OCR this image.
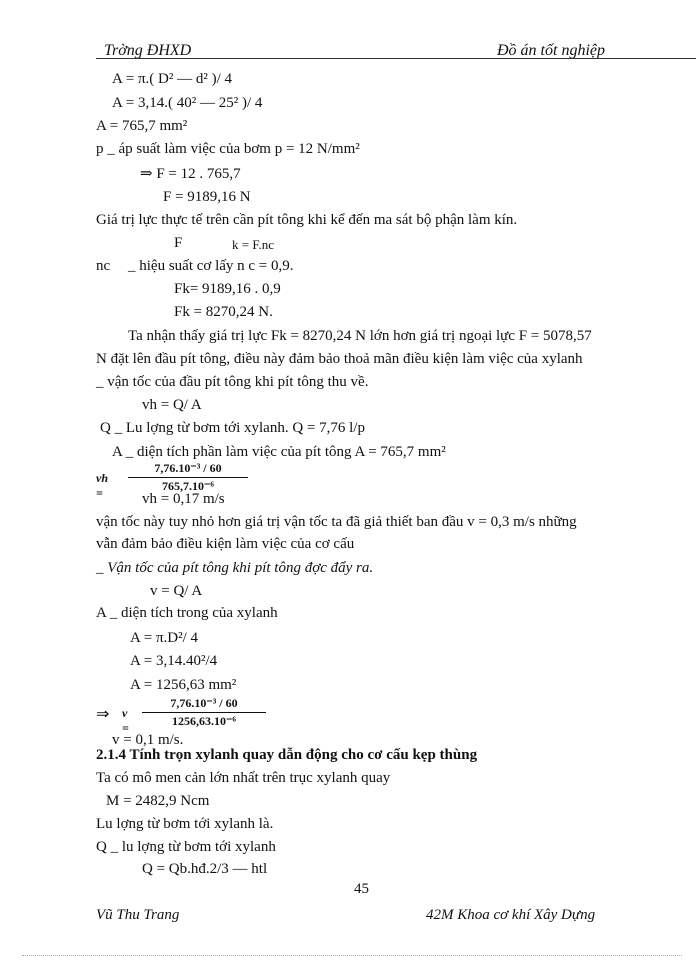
Trờng ĐHXD	Đồ án tốt nghiệp
A = π.( D² — d² )/ 4
A = 3,14.( 40² — 25² )/ 4
A = 765,7 mm²
p _ áp suất làm việc của bơm p = 12 N/mm²
⇒ F = 12 . 765,7
F = 9189,16 N
Giá trị lực thực tế trên cần pít tông khi kể đến ma sát bộ phận làm kín.
F	k = F.nc
nc _ hiệu suất cơ lấy n c = 0,9.
Fk= 9189,16 . 0,9
Fk = 8270,24 N.
Ta nhận thấy giá trị lực Fk = 8270,24 N lớn hơn giá trị ngoại lực F = 5078,57
N đặt lên đầu pít tông, điều này đảm bảo thoả mãn điều kiện làm việc của xylanh
_ vận tốc của đầu pít tông khi pít tông thu về.
vh = Q/ A
Q _ Lu lợng từ bơm tới xylanh. Q = 7,76 l/p
A _ diện tích phần làm việc của pít tông A = 765,7 mm²
vh =	$\frac{\text{7,76.10⁻³ / 60}}{\text{765,7.10⁻⁶}}$
vh = 0,17 m/s
vận tốc này tuy nhỏ hơn giá trị vận tốc ta đã giả thiết ban đầu v = 0,3 m/s những
vẫn đảm bảo điều kiện làm việc của cơ cấu
_ Vận tốc của pít tông khi pít tông đợc đẩy ra.
v = Q/ A
A _ diện tích trong của xylanh
A = π.D²/ 4
A = 3,14.40²/4
A = 1256,63 mm²
⇒ $v = \frac{\text{7,76.10⁻³ / 60}}{\text{1256,63.10⁻⁶}}$
v = 0,1 m/s.
2.1.4 Tính trọn xylanh quay dẫn động cho cơ cấu kẹp thùng
Ta có mô men cản lớn nhất trên trục xylanh quay
M = 2482,9 Ncm
Lu lợng từ bơm tới xylanh là.
Q _ lu lợng từ bơm tới xylanh
Q = Qb.hđ.2/3 — htl
45
Vũ Thu Trang	42M Khoa cơ khí Xây Dựng
